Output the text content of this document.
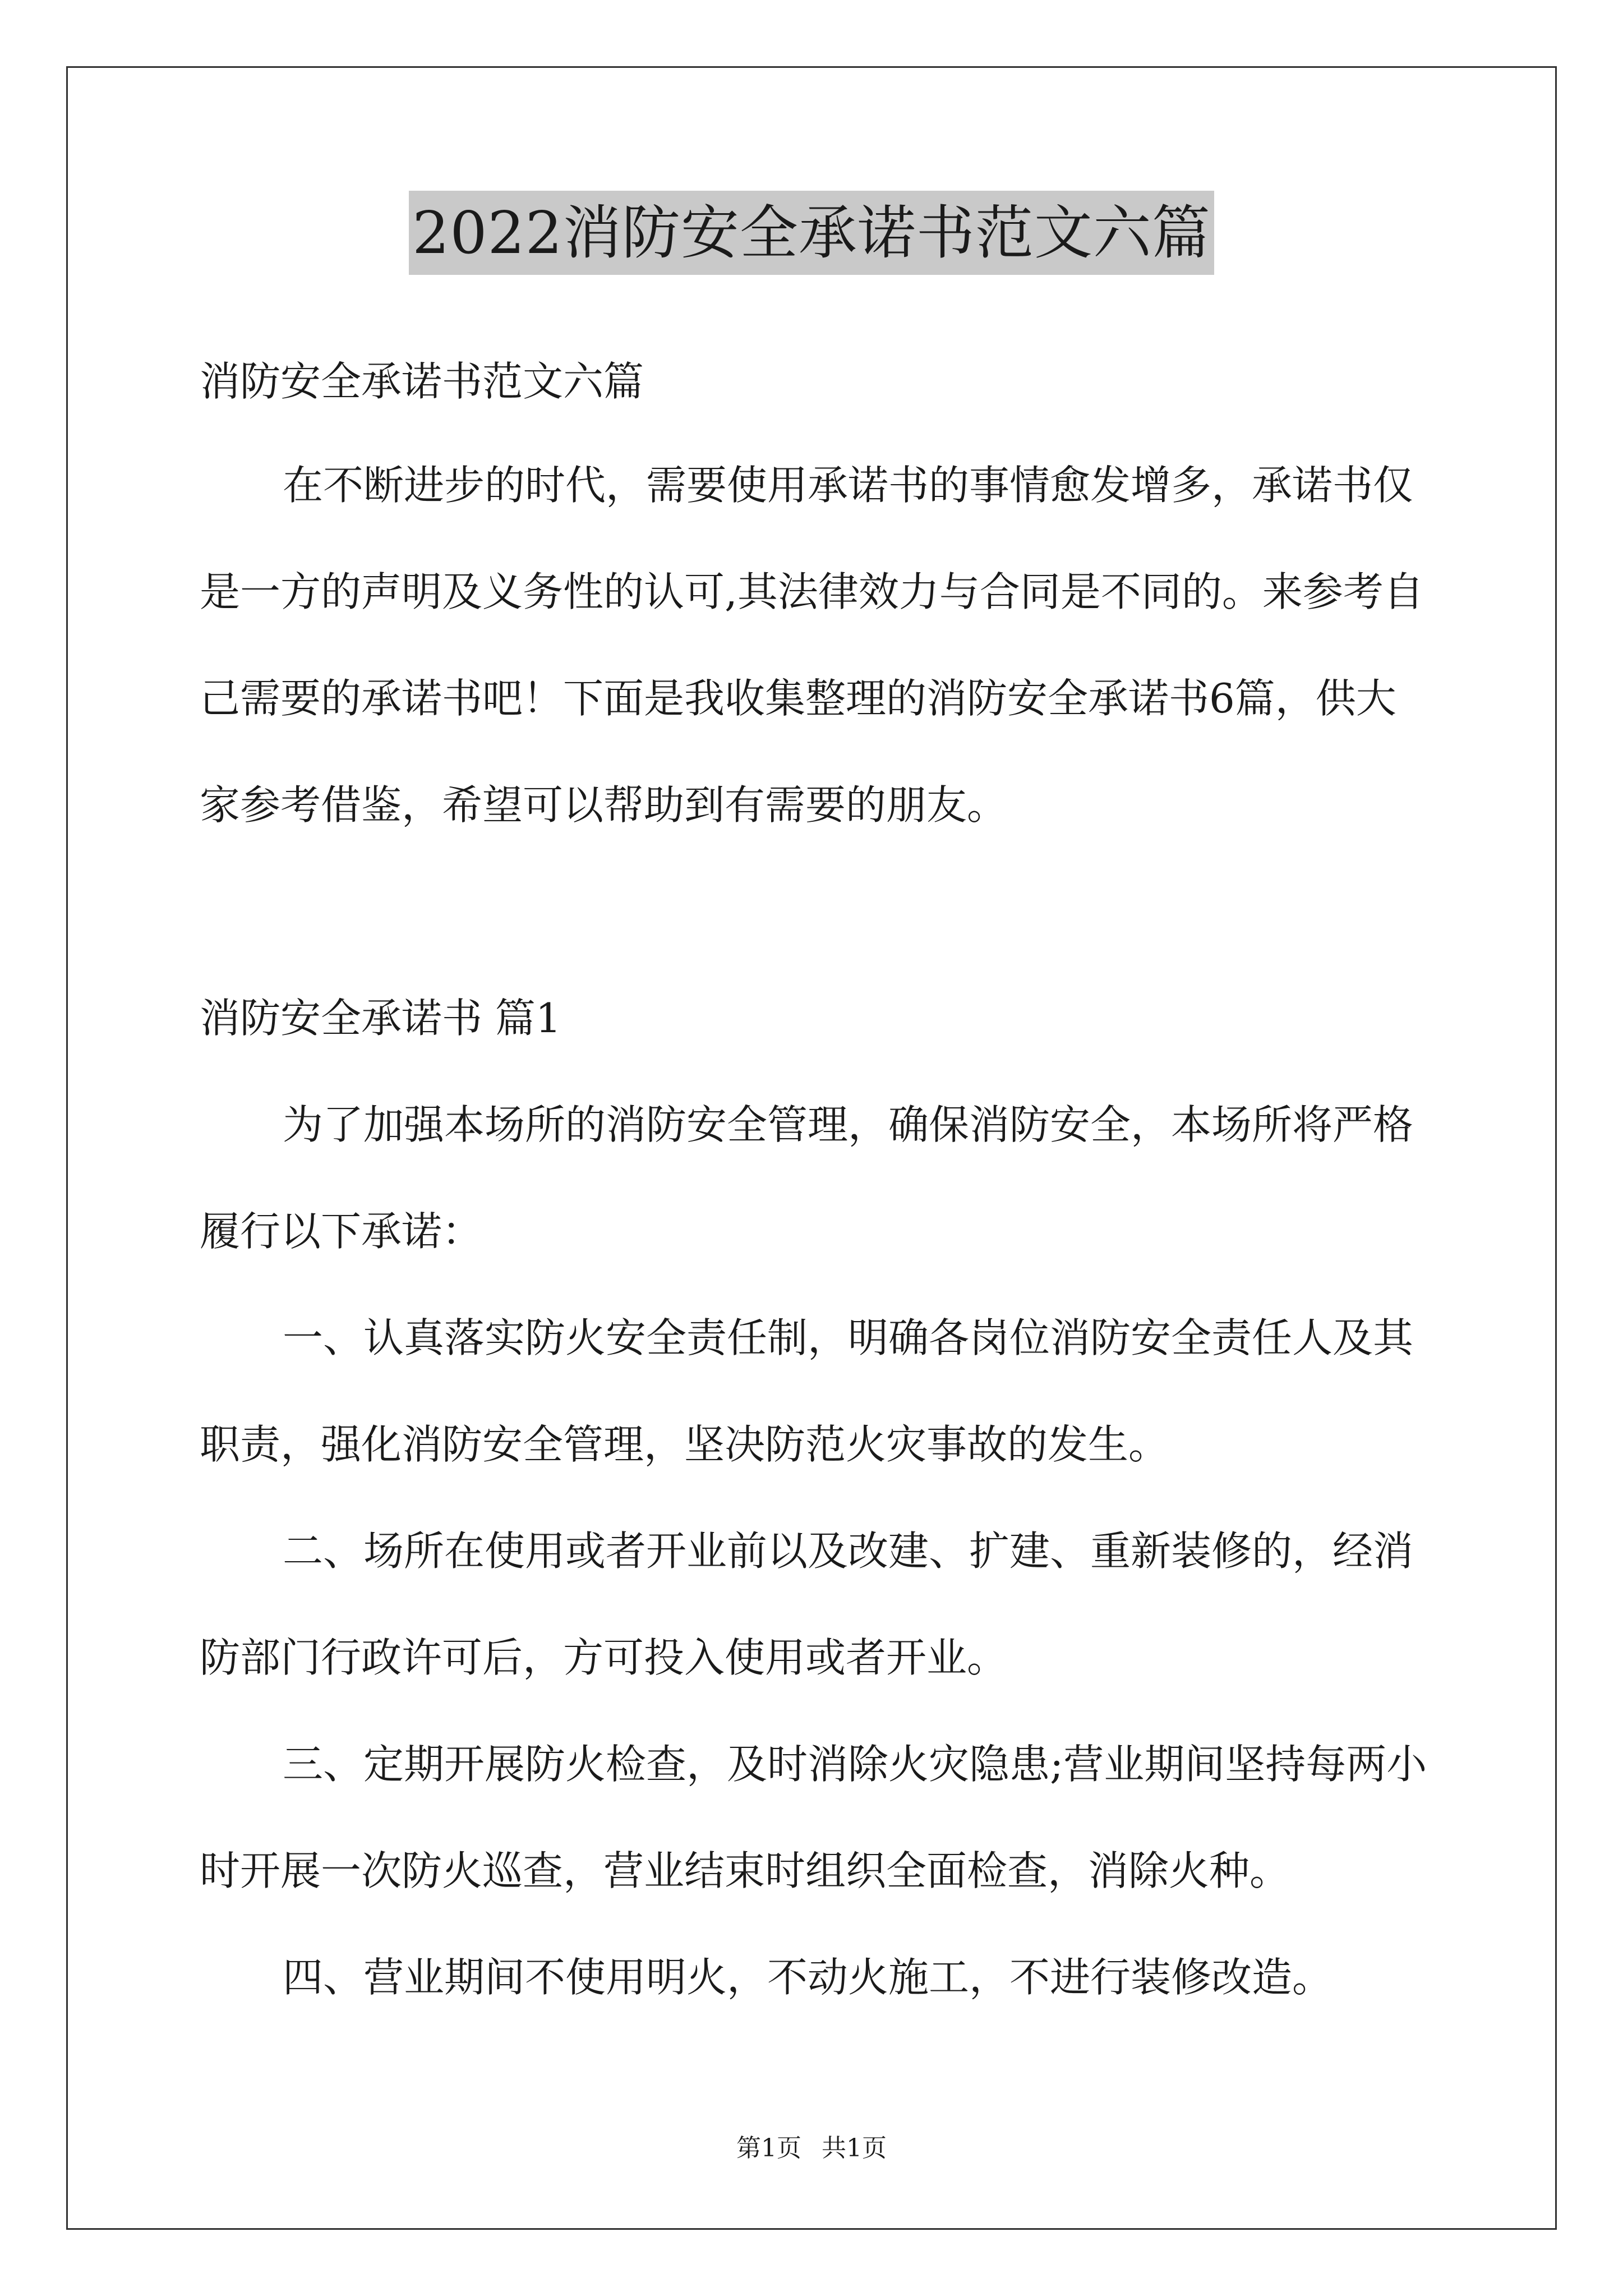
2022消防安全承诺书范文六篇
消防安全承诺书范文六篇
在不断进步的时代，需要使用承诺书的事情愈发增多，承诺书仅
是一方的声明及义务性的认可,其法律效力与合同是不同的。来参考自
己需要的承诺书吧！下面是我收集整理的消防安全承诺书6篇，供大
家参考借鉴，希望可以帮助到有需要的朋友。
消防安全承诺书 篇1
为了加强本场所的消防安全管理，确保消防安全，本场所将严格
履行以下承诺：
一、认真落实防火安全责任制，明确各岗位消防安全责任人及其
职责，强化消防安全管理，坚决防范火灾事故的发生。
二、场所在使用或者开业前以及改建、扩建、重新装修的，经消
防部门行政许可后，方可投入使用或者开业。
三、定期开展防火检查，及时消除火灾隐患;营业期间坚持每两小
时开展一次防火巡查，营业结束时组织全面检查，消除火种。
四、营业期间不使用明火，不动火施工，不进行装修改造。
第1页 共1页
